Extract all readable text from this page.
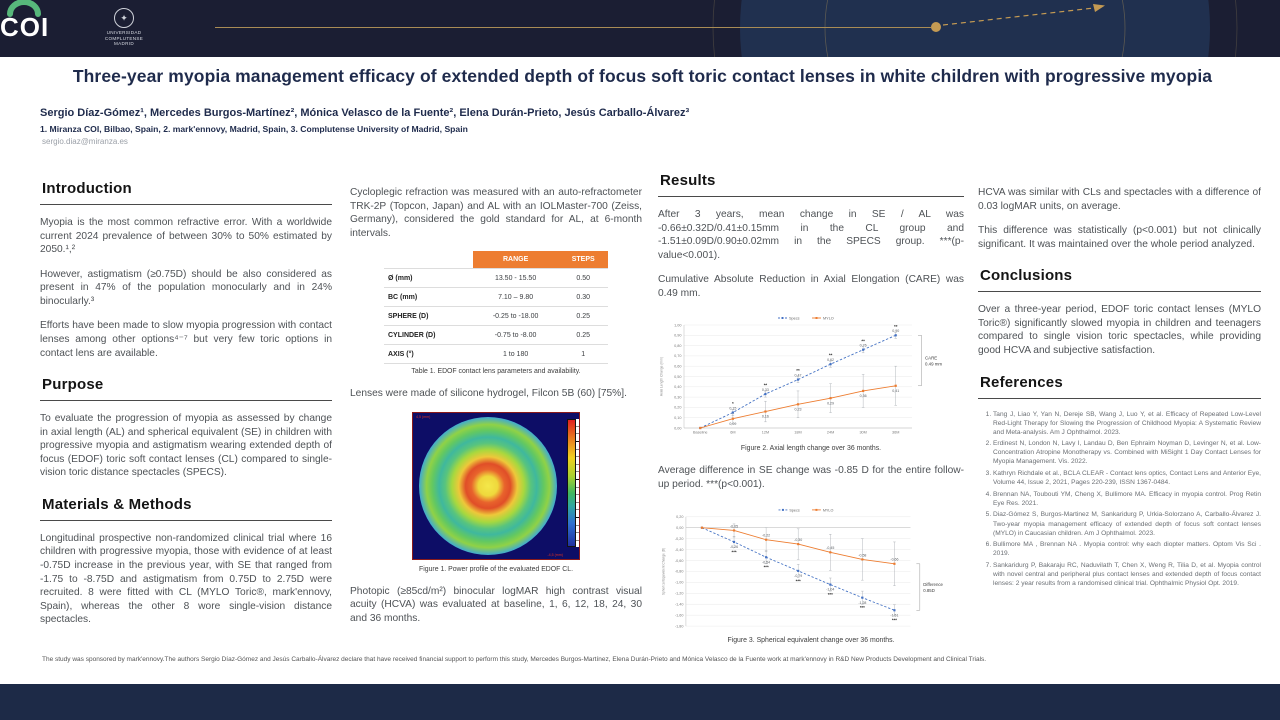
COI	✦
UNIVERSIDAD COMPLUTENSE MADRID
Three-year myopia management efficacy of extended depth of focus soft toric contact lenses in white children with progressive myopia
Sergio Díaz-Gómez¹, Mercedes Burgos-Martínez², Mónica Velasco de la Fuente², Elena Durán-Prieto, Jesús Carballo-Álvarez³
1. Miranza COI, Bilbao, Spain, 2. mark'ennovy, Madrid, Spain, 3. Complutense University of Madrid, Spain
sergio.diaz@miranza.es
Introduction

Myopia is the most common refractive error. With a worldwide current 2024 prevalence of between 30% to 50% estimated by 2050.¹,²

However, astigmatism (≥0.75D) should be also considered as present in 47% of the population monocularly and in 24% binocularly.³

Efforts have been made to slow myopia progression with contact lenses among other options⁴⁻⁷ but very few toric options in contact lens are available.

Purpose

To evaluate the progression of myopia as assessed by change in axial length (AL) and spherical equivalent (SE) in children with progressive myopia and astigmatism wearing extended depth of focus (EDOF) toric soft contact lenses (CL) compared to single-vision toric distance spectacles (SPECS).

Materials & Methods

Longitudinal prospective non-randomized clinical trial where 16 children with progressive myopia, those with evidence of at least -0.75D increase in the previous year, with SE that ranged from -1.75 to -8.75D and astigmatism from 0.75D to 2.75D were recruited. 8 were fitted with CL (MYLO Toric®, mark'ennovy, Spain), whereas the other 8 wore single-vision distance spectacles.

Cycloplegic refraction was measured with an auto-refractometer TRK-2P (Topcon, Japan) and AL with an IOLMaster-700 (Zeiss, Germany), considered the gold standard for AL, at 6-month intervals.

	RANGE	STEPS
Ø (mm)	13.50 - 15.50	0.50
BC (mm)	7.10 – 9.80	0.30
SPHERE (D)	-0.25 to -18.00	0.25
CYLINDER (D)	-0.75 to -8.00	0.25
AXIS (°)	1 to 180	1
Table 1. EDOF contact lens parameters and availability.

Lenses were made of silicone hydrogel, Filcon 5B (60) [75%].

4,5 (mm)
-4,5 (mm)
Figure 1. Power profile of the evaluated EDOF CL.

Photopic (≥85cd/m²) binocular logMAR high contrast visual acuity (HCVA) was evaluated at baseline, 1, 6, 12, 18, 24, 30 and 36 months.

Results

After 3 years, mean change in SE / AL was -0.66±0.32D/0.41±0.15mm in the CL group and -1.51±0.09D/0.90±0.02mm in the SPECS group. ***(p-value<0.001).

Cumulative Absolute Reduction in Axial Elongation (CARE) was 0.49 mm.

1,00
0,90
0,80
0,70
0,60
0,50
0,40
0,30
0,20
0,10
0,00
Baseline	6M	12M	18M	24M	30M	36M
Axial Length Change (mm)
0,15
0,33
0,47
0,62
0,76
0,90
*
**
**
**
**
**
0,09
0,16
0,23
0,29
0,36
0,41
Specs	MYLO
CARE
0.49 mm
Figure 2. Axial length change over 36 months.

Average difference in SE change was -0.85 D for the entire follow-up period. ***(p<0.001).

0,20
0,00
-0,20
-0,40
-0,60
-0,80
-1,00
-1,20
-1,40
-1,60
-1,80
Spherical Equivalent Change (D)
-0,26
-0,54
-0,79
-1,04
-1,28
-1,51
***
***
***
***
***
***
-0,05
-0,22
-0,30
-0,45
-0,58
-0,66
Specs	MYLO
Difference
0.85D
Figure 3. Spherical equivalent change over 36 months.

HCVA was similar with CLs and spectacles with a difference of 0.03 logMAR units, on average.

This difference was statistically (p<0.001) but not clinically significant. It was maintained over the whole period analyzed.

Conclusions

Over a three-year period, EDOF toric contact lenses (MYLO Toric®) significantly slowed myopia in children and teenagers compared to single vision toric spectacles, while providing good HCVA and subjective satisfaction.

References
1. Tang J, Liao Y, Yan N, Dereje SB, Wang J, Luo Y, et al. Efficacy of Repeated Low-Level Red-Light Therapy for Slowing the Progression of Childhood Myopia: A Systematic Review and Meta-analysis. Am J Ophthalmol. 2023.
2. Erdinest N, London N, Lavy I, Landau D, Ben Ephraim Noyman D, Levinger N, et al. Low-Concentration Atropine Monotherapy vs. Combined with MiSight 1 Day Contact Lenses for Myopia Management. Vis. 2022.
3. Kathryn Richdale et al., BCLA CLEAR - Contact lens optics, Contact Lens and Anterior Eye, Volume 44, Issue 2, 2021, Pages 220-239, ISSN 1367-0484.
4. Brennan NA, Toubouti YM, Cheng X, Bullimore MA. Efficacy in myopia control. Prog Retin Eye Res. 2021.
5. Diaz-Gómez S, Burgos-Martinez M, Sankaridurg P, Urkia-Solorzano A, Carballo-Álvarez J. Two-year myopia management efficacy of extended depth of focus soft contact lenses (MYLO) in Caucasian children. Am J Ophthalmol. 2023.
6. Bullimore MA , Brennan NA . Myopia control: why each diopter matters. Optom Vis Sci . 2019.
7. Sankaridurg P, Bakaraju RC, Naduvilath T, Chen X, Weng R, Tilia D, et al. Myopia control with novel central and peripheral plus contact lenses and extended depth of focus contact lenses: 2 year results from a randomised clinical trial. Ophthalmic Physiol Opt. 2019.
The study was sponsored by mark'ennovy.The authors Sergio Díaz-Gómez and Jesús Carballo-Álvarez declare that have received financial support to perform this study, Mercedes Burgos-Martínez, Elena Durán-Prieto and Mónica Velasco de la Fuente work at mark'ennovy in R&D New Products Development and Clinical Trials.
